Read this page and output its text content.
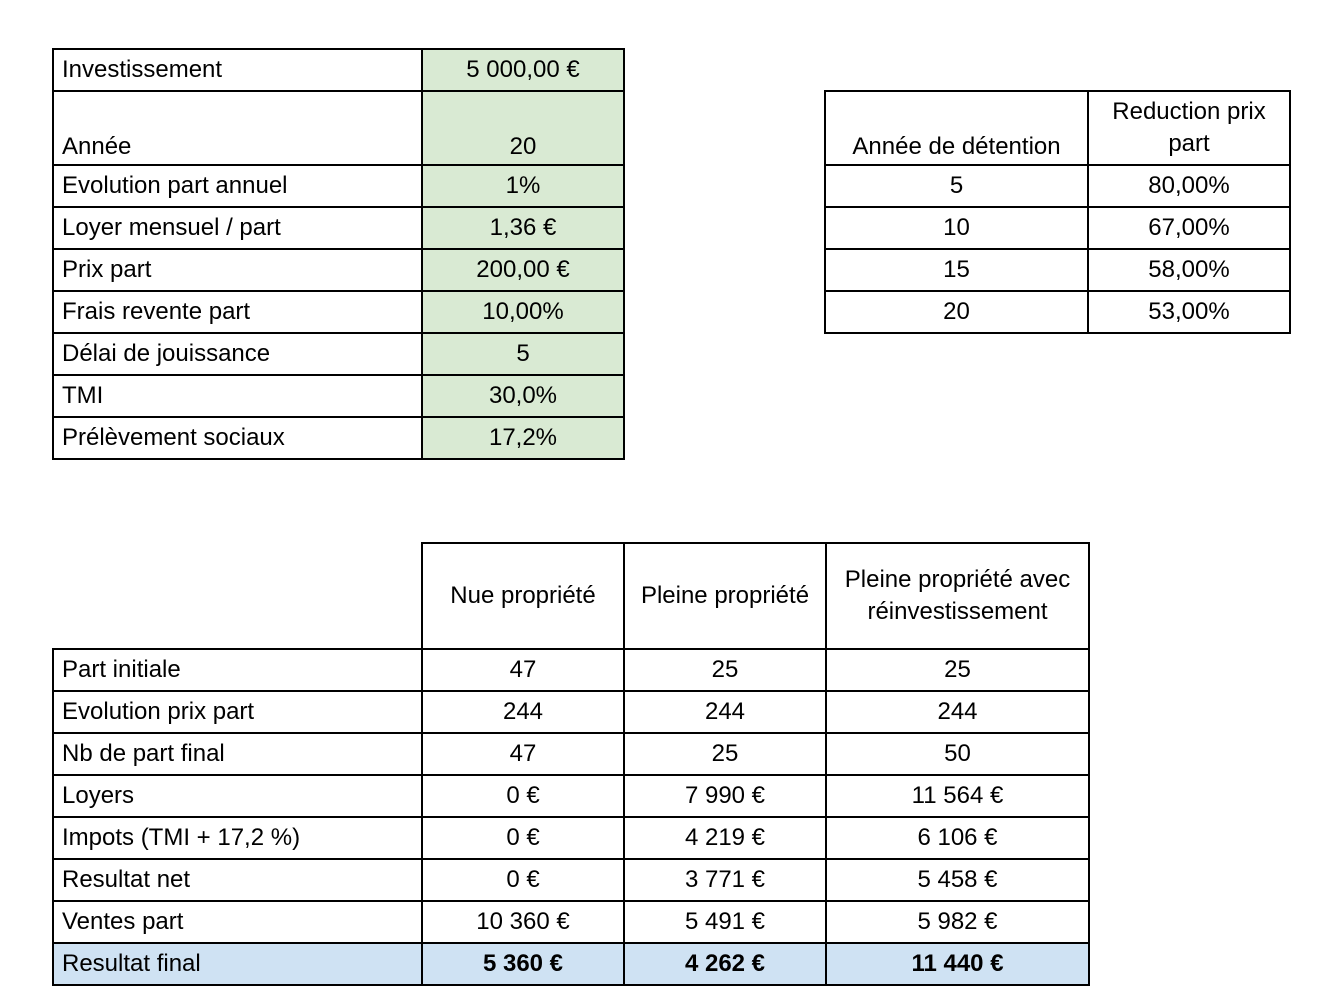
Investissement	5 000,00 €
Année	20
Evolution part annuel	1%
Loyer mensuel / part	1,36 €
Prix part	200,00 €
Frais revente part	10,00%
Délai de jouissance	5
TMI	30,0%
Prélèvement sociaux	17,2%
Année de détention	Reduction prix part
5	80,00%
10	67,00%
15	58,00%
20	53,00%
	Nue propriété	Pleine propriété	Pleine propriété avec réinvestissement
Part initiale	47	25	25
Evolution prix part	244	244	244
Nb de part final	47	25	50
Loyers	0 €	7 990 €	11 564 €
Impots (TMI + 17,2 %)	0 €	4 219 €	6 106 €
Resultat net	0 €	3 771 €	5 458 €
Ventes part	10 360 €	5 491 €	5 982 €
Resultat final	5 360 €	4 262 €	11 440 €
